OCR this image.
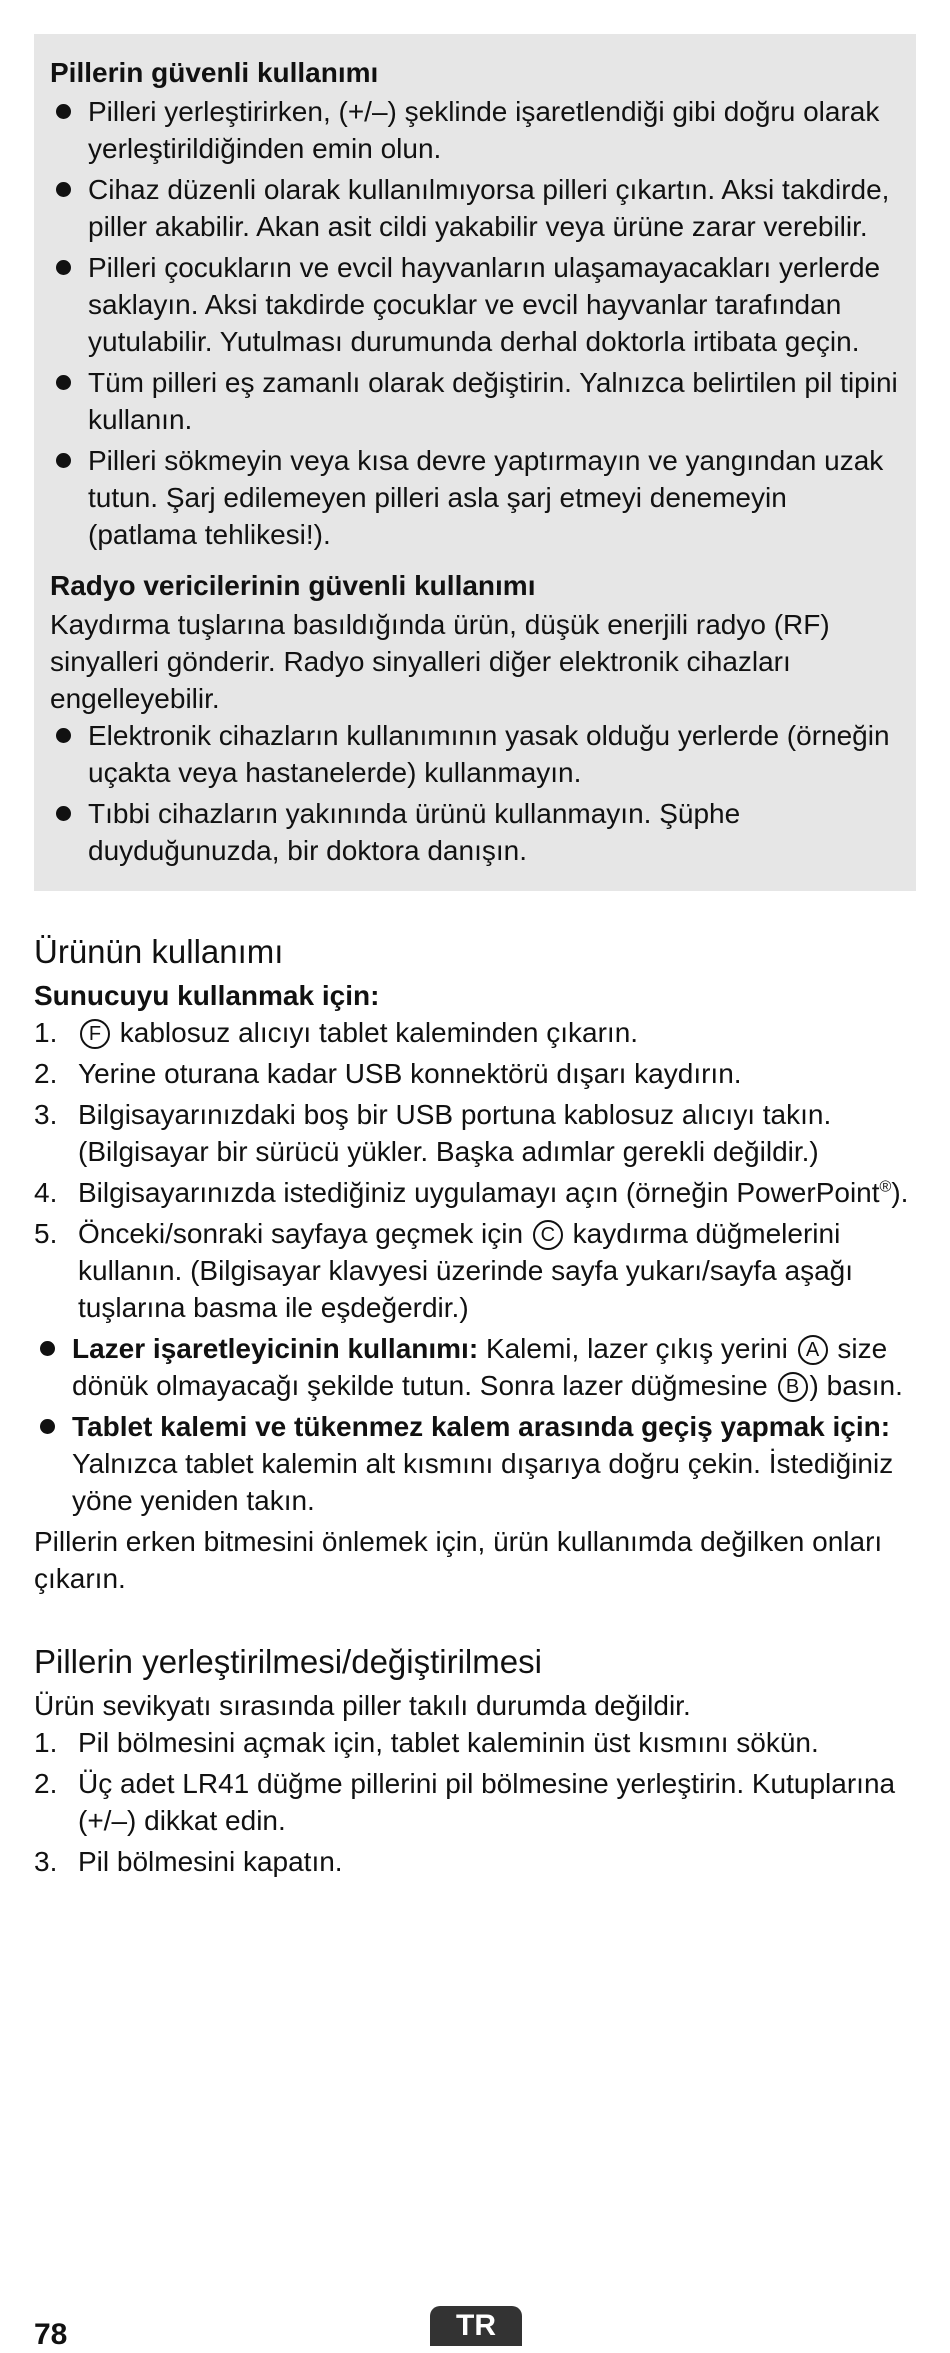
Pillerin güvenli kullanımı

Pilleri yerleştirirken, (+/–) şeklinde işaretlendiği gibi doğru olarak yerleştirildiğinden emin olun.
Cihaz düzenli olarak kullanılmıyorsa pilleri çıkartın. Aksi takdirde, piller akabilir. Akan asit cildi yakabilir veya ürüne zarar verebilir.
Pilleri çocukların ve evcil hayvanların ulaşamayacakları yerlerde saklayın. Aksi takdirde çocuklar ve evcil hayvanlar tarafından yutulabilir. Yutulması durumunda derhal doktorla irtibata geçin.
Tüm pilleri eş zamanlı olarak değiştirin. Yalnızca belirtilen pil tipini kullanın.
Pilleri sökmeyin veya kısa devre yaptırmayın ve yangından uzak tutun. Şarj edilemeyen pilleri asla şarj etmeyi denemeyin (patlama tehlikesi!).

Radyo vericilerinin güvenli kullanımı

Kaydırma tuşlarına basıldığında ürün, düşük enerjili radyo (RF) sinyalleri gönderir. Radyo sinyalleri diğer elektronik cihazları engelleyebilir.

Elektronik cihazların kullanımının yasak olduğu yerlerde (örneğin uçakta veya hastanelerde) kullanmayın.
Tıbbi cihazların yakınında ürünü kullanmayın. Şüphe duyduğunuzda, bir doktora danışın.
Ürünün kullanımı

Sunucuyu kullanmak için:

1. F kablosuz alıcıyı tablet kaleminden çıkarın.
2. Yerine oturana kadar USB konnektörü dışarı kaydırın.
3. Bilgisayarınızdaki boş bir USB portuna kablosuz alıcıyı takın. (Bilgisayar bir sürücü yükler. Başka adımlar gerekli değildir.)
4. Bilgisayarınızda istediğiniz uygulamayı açın (örneğin PowerPoint®).
5. Önceki/sonraki sayfaya geçmek için C kaydırma düğmelerini kullanın. (Bilgisayar klavyesi üzerinde sayfa yukarı/sayfa aşağı tuşlarına basma ile eşdeğerdir.)
Lazer işaretleyicinin kullanımı: Kalemi, lazer çıkış yerini A size dönük olmayacağı şekilde tutun. Sonra lazer düğmesine B ) basın.
Tablet kalemi ve tükenmez kalem arasında geçiş yapmak için: Yalnızca tablet kalemin alt kısmını dışarıya doğru çekin. İstediğiniz yöne yeniden takın.

Pillerin erken bitmesini önlemek için, ürün kullanımda değilken onları çıkarın.

Pillerin yerleştirilmesi/değiştirilmesi

Ürün sevikyatı sırasında piller takılı durumda değildir.

1. Pil bölmesini açmak için, tablet kaleminin üst kısmını sökün.
2. Üç adet LR41 düğme pillerini pil bölmesine yerleştirin. Kutuplarına (+/–) dikkat edin.
3. Pil bölmesini kapatın.
78	TR
